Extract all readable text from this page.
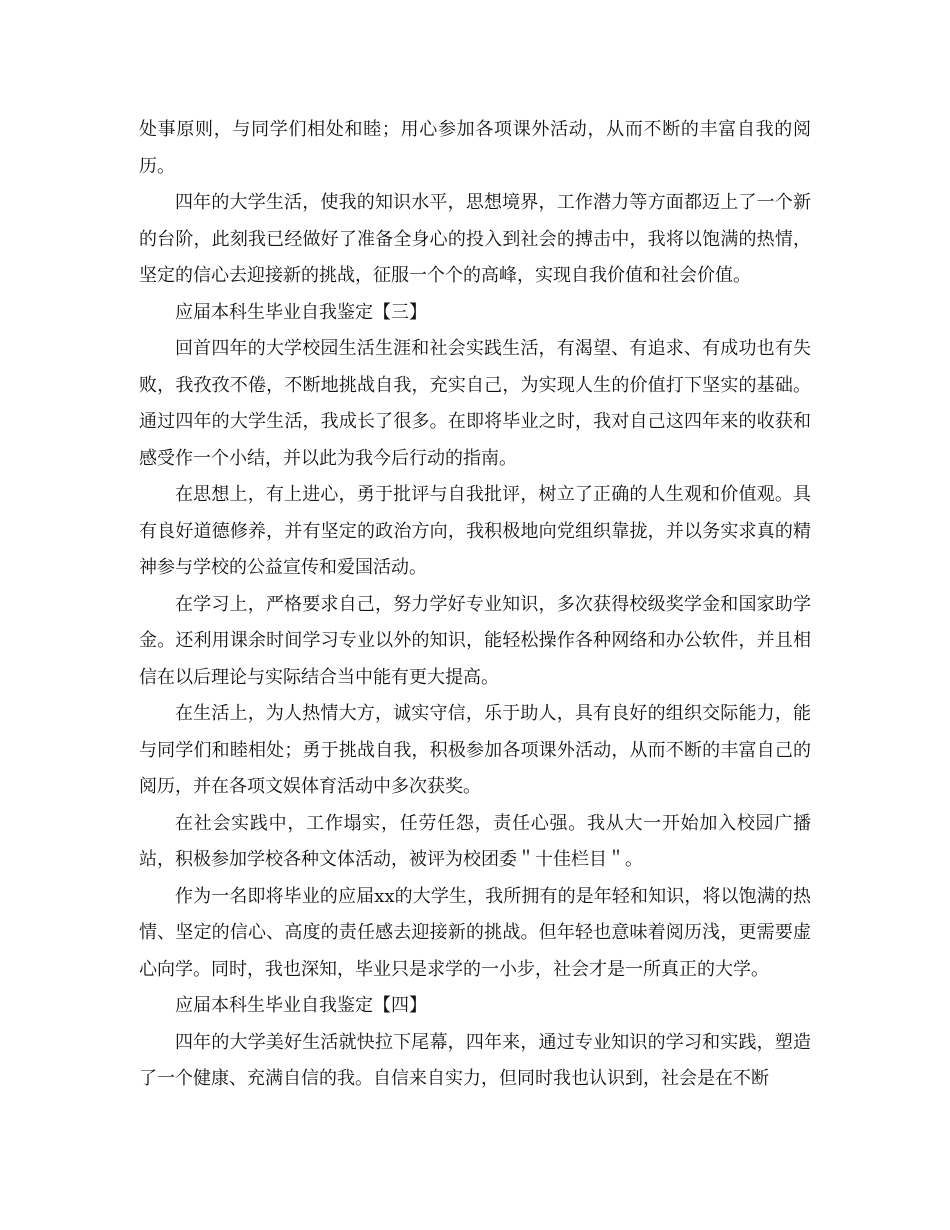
处事原则，与同学们相处和睦；用心参加各项课外活动，从而不断的丰富自我的阅历。

四年的大学生活，使我的知识水平，思想境界，工作潜力等方面都迈上了一个新的台阶，此刻我已经做好了准备全身心的投入到社会的搏击中，我将以饱满的热情，坚定的信心去迎接新的挑战，征服一个个的高峰，实现自我价值和社会价值。

应届本科生毕业自我鉴定【三】

回首四年的大学校园生活生涯和社会实践生活，有渴望、有追求、有成功也有失败，我孜孜不倦，不断地挑战自我，充实自己，为实现人生的价值打下坚实的基础。通过四年的大学生活，我成长了很多。在即将毕业之时，我对自己这四年来的收获和感受作一个小结，并以此为我今后行动的指南。

在思想上，有上进心，勇于批评与自我批评，树立了正确的人生观和价值观。具有良好道德修养，并有坚定的政治方向，我积极地向党组织靠拢，并以务实求真的精神参与学校的公益宣传和爱国活动。

在学习上，严格要求自己，努力学好专业知识，多次获得校级奖学金和国家助学金。还利用课余时间学习专业以外的知识，能轻松操作各种网络和办公软件，并且相信在以后理论与实际结合当中能有更大提高。

在生活上，为人热情大方，诚实守信，乐于助人，具有良好的组织交际能力，能与同学们和睦相处；勇于挑战自我，积极参加各项课外活动，从而不断的丰富自己的阅历，并在各项文娱体育活动中多次获奖。

在社会实践中，工作塌实，任劳任怨，责任心强。我从大一开始加入校园广播站，积极参加学校各种文体活动，被评为校团委＂十佳栏目＂。

作为一名即将毕业的应届xx的大学生，我所拥有的是年轻和知识，将以饱满的热情、坚定的信心、高度的责任感去迎接新的挑战。但年轻也意味着阅历浅，更需要虚心向学。同时，我也深知，毕业只是求学的一小步，社会才是一所真正的大学。

应届本科生毕业自我鉴定【四】

四年的大学美好生活就快拉下尾幕，四年来，通过专业知识的学习和实践，塑造了一个健康、充满自信的我。自信来自实力，但同时我也认识到，社会是在不断
